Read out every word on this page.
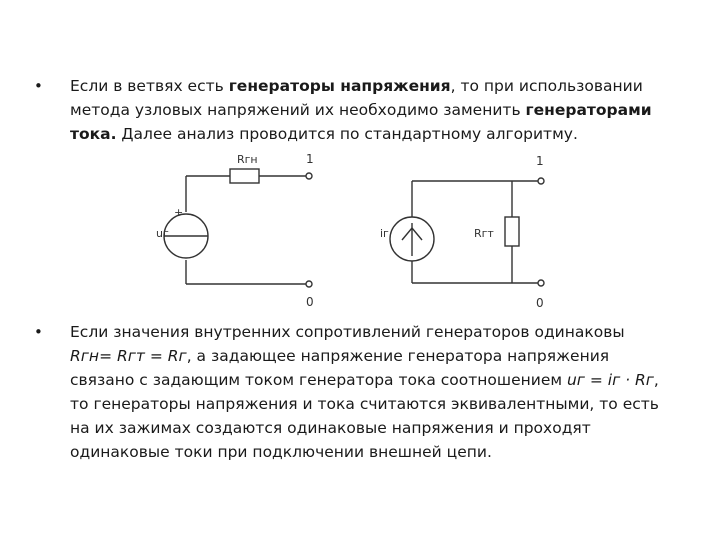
• Если в ветвях есть генераторы напряжения, то при использовании
метода узловых напряжений их необходимо заменить генераторами
тока. Далее анализ проводится по стандартному алгоритму.
Rгн
uг
+
1
0
iг	Rгт
1
0
• Если значения внутренних сопротивлений генераторов одинаковы
Rгн= Rгт = Rг, а задающее напряжение генератора напряжения
связано с задающим током генератора тока соотношением uг = iг · Rг,
то генераторы напряжения и тока считаются эквивалентными, то есть
на их зажимах создаются одинаковые напряжения и проходят
одинаковые токи при подключении внешней цепи.
